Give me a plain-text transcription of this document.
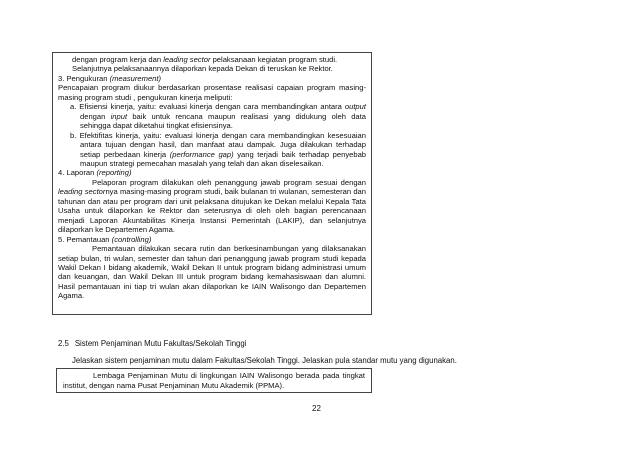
dengan program kerja dan leading sector pelaksanaan kegiatan program studi.

Selanjutnya pelaksanaannya dilaporkan kepada Dekan di teruskan ke Rektor.

3. Pengukuran (measurement)

Pencapaian program diukur berdasarkan prosentase realisasi capaian program masing-masing program studi , pengukuran kinerja meliputi:

a. Efisiensi kinerja, yaitu: evaluasi kinerja dengan cara membandingkan antara output dengan input baik untuk rencana maupun realisasi yang didukung oleh data sehingga dapat diketahui tingkat efisiensinya.

b. Efektifitas kinerja, yaitu: evaluasi kinerja dengan cara membandingkan kesesuaian antara tujuan dengan hasil, dan manfaat atau dampak. Juga dilakukan terhadap setiap perbedaan kinerja (performance gap) yang terjadi baik terhadap penyebab maupun strategi pemecahan masalah yang telah dan akan diselesaikan.

4. Laporan (reporting)

Pelaporan program dilakukan oleh penanggung jawab program sesuai dengan leading sectornya masing-masing program studi, baik bulanan tri wulanan, semesteran dan tahunan dan atau per program dari unit pelaksana ditujukan ke Dekan melalui Kepala Tata Usaha untuk dilaporkan ke Rektor dan seterusnya di oleh oleh bagian perencanaan menjadi Laporan Akuntabilitas Kinerja Instansi Pemerintah (LAKIP), dan selanjutnya dilaporkan ke Departemen Agama.

5. Pemantauan (controlling)

Pemantauan dilakukan secara rutin dan berkesinambungan yang dilaksanakan setiap bulan, tri wulan, semester dan tahun dari penanggung jawab program studi kepada Wakil Dekan I bidang akademik, Wakil Dekan II untuk program bidang administrasi umum dan keuangan, dan Wakil Dekan III untuk program bidang kemahasiswaan dan alumni. Hasil pemantauan ini tiap tri wulan akan dilaporkan ke IAIN Walisongo dan Departemen Agama.

2.5 Sistem Penjaminan Mutu Fakultas/Sekolah Tinggi
Jelaskan sistem penjaminan mutu dalam Fakultas/Sekolah Tinggi. Jelaskan pula standar mutu yang digunakan.

Lembaga Penjaminan Mutu di lingkungan IAIN Walisongo berada pada tingkat institut, dengan nama Pusat Penjaminan Mutu Akademik (PPMA).

22
